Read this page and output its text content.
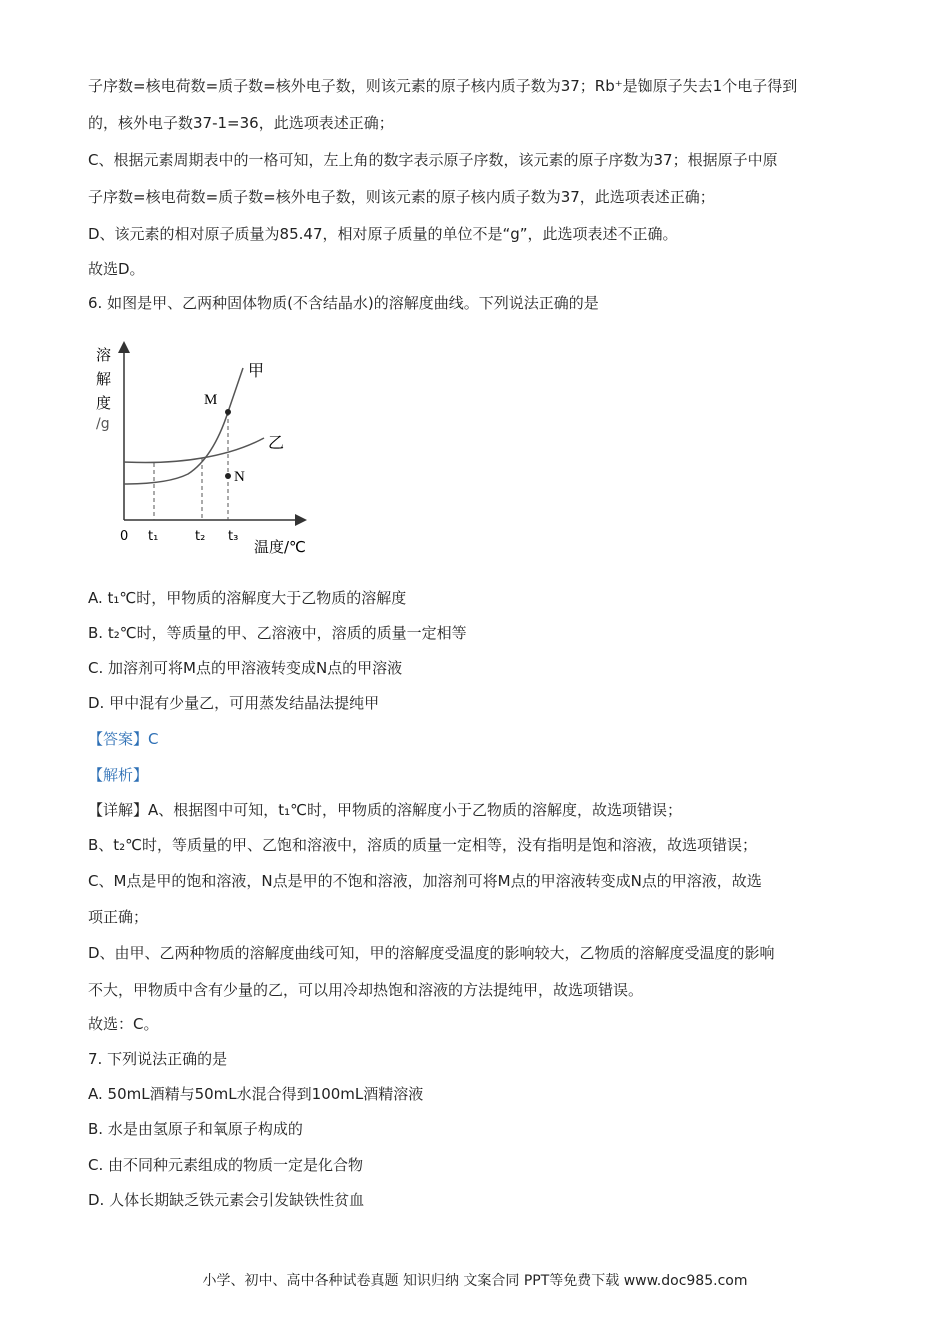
子序数=核电荷数=质子数=核外电子数，则该元素的原子核内质子数为37；Rb⁺是铷原子失去1个电子得到
的，核外电子数37-1=36，此选项表述正确；
C、根据元素周期表中的一格可知，左上角的数字表示原子序数，该元素的原子序数为37；根据原子中原
子序数=核电荷数=质子数=核外电子数，则该元素的原子核内质子数为37，此选项表述正确；
D、该元素的相对原子质量为85.47，相对原子质量的单位不是“g”，此选项表述不正确。
故选D。
6. 如图是甲、乙两种固体物质(不含结晶水)的溶解度曲线。下列说法正确的是
溶
解
度
/g
M
N
甲
乙
0 t₁	t₂ t₃
温度/℃
A. t₁℃时，甲物质的溶解度大于乙物质的溶解度
B. t₂℃时，等质量的甲、乙溶液中，溶质的质量一定相等
C. 加溶剂可将M点的甲溶液转变成N点的甲溶液
D. 甲中混有少量乙，可用蒸发结晶法提纯甲
【答案】C
【解析】
【详解】A、根据图中可知，t₁℃时，甲物质的溶解度小于乙物质的溶解度，故选项错误；
B、t₂℃时，等质量的甲、乙饱和溶液中，溶质的质量一定相等，没有指明是饱和溶液，故选项错误；
C、M点是甲的饱和溶液，N点是甲的不饱和溶液，加溶剂可将M点的甲溶液转变成N点的甲溶液，故选
项正确；
D、由甲、乙两种物质的溶解度曲线可知，甲的溶解度受温度的影响较大，乙物质的溶解度受温度的影响
不大，甲物质中含有少量的乙，可以用冷却热饱和溶液的方法提纯甲，故选项错误。
故选：C。
7. 下列说法正确的是
A. 50mL酒精与50mL水混合得到100mL酒精溶液
B. 水是由氢原子和氧原子构成的
C. 由不同种元素组成的物质一定是化合物
D. 人体长期缺乏铁元素会引发缺铁性贫血
小学、初中、高中各种试卷真题 知识归纳 文案合同 PPT等免费下载 www.doc985.com
